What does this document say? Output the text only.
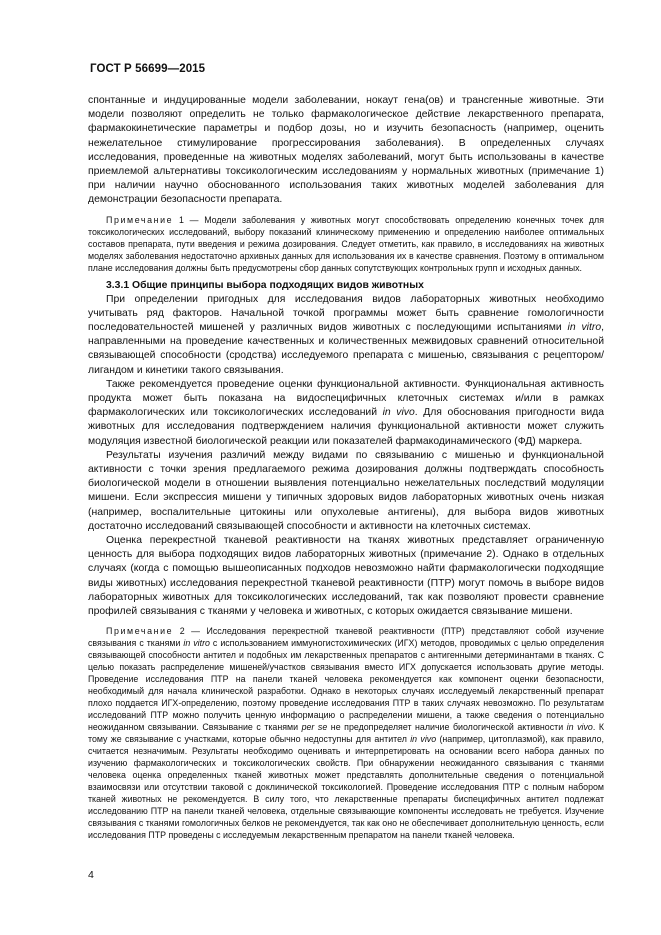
ГОСТ Р 56699—2015

спонтанные и индуцированные модели заболевании, нокаут гена(ов) и трансгенные животные. Эти модели позволяют определить не только фармакологическое действие лекарственного препарата, фармакокинетические параметры и подбор дозы, но и изучить безопасность (например, оценить нежелательное стимулирование прогрессирования заболевания). В определенных случаях исследования, проведенные на животных моделях заболеваний, могут быть использованы в качестве приемлемой альтернативы токсикологическим исследованиям у нормальных животных (примечание 1) при наличии научно обоснованного использования таких животных моделей заболевания для демонстрации безопасности препарата.

Примечание 1 — Модели заболевания у животных могут способствовать определению конечных точек для токсикологических исследований, выбору показаний клиническому применению и определению наиболее оптимальных составов препарата, пути введения и режима дозирования. Следует отметить, как правило, в исследованиях на животных моделях заболевания недостаточно архивных данных для использования их в качестве сравнения. Поэтому в оптимальном плане исследования должны быть предусмотрены сбор данных сопутствующих контрольных групп и исходных данных.

3.3.1 Общие принципы выбора подходящих видов животных

При определении пригодных для исследования видов лабораторных животных необходимо учитывать ряд факторов. Начальной точкой программы может быть сравнение гомологичности последовательностей мишеней у различных видов животных с последующими испытаниями in vitro, направленными на проведение качественных и количественных межвидовых сравнений относительной связывающей способности (сродства) исследуемого препарата с мишенью, связывания с рецептором/лигандом и кинетики такого связывания.

Также рекомендуется проведение оценки функциональной активности. Функциональная активность продукта может быть показана на видоспецифичных клеточных системах и/или в рамках фармакологических или токсикологических исследований in vivo. Для обоснования пригодности вида животных для исследования подтверждением наличия функциональной активности может служить модуляция известной биологической реакции или показателей фармакодинамического (ФД) маркера.

Результаты изучения различий между видами по связыванию с мишенью и функциональной активности с точки зрения предлагаемого режима дозирования должны подтверждать способность биологической модели в отношении выявления потенциально нежелательных последствий модуляции мишени. Если экспрессия мишени у типичных здоровых видов лабораторных животных очень низкая (например, воспалительные цитокины или опухолевые антигены), для выбора видов животных достаточно исследований связывающей способности и активности на клеточных системах.

Оценка перекрестной тканевой реактивности на тканях животных представляет ограниченную ценность для выбора подходящих видов лабораторных животных (примечание 2). Однако в отдельных случаях (когда с помощью вышеописанных подходов невозможно найти фармакологически подходящие виды животных) исследования перекрестной тканевой реактивности (ПТР) могут помочь в выборе видов лабораторных животных для токсикологических исследований, так как позволяют провести сравнение профилей связывания с тканями у человека и животных, с которых ожидается связывание мишени.

Примечание 2 — Исследования перекрестной тканевой реактивности (ПТР) представляют собой изучение связывания с тканями in vitro с использованием иммуногистохимических (ИГХ) методов, проводимых с целью определения связывающей способности антител и подобных им лекарственных препаратов с антигенными детерминантами в тканях. С целью показать распределение мишеней/участков связывания вместо ИГХ допускается использовать другие методы. Проведение исследования ПТР на панели тканей человека рекомендуется как компонент оценки безопасности, необходимый для начала клинической разработки. Однако в некоторых случаях исследуемый лекарственный препарат плохо поддается ИГХ-определению, поэтому проведение исследования ПТР в таких случаях невозможно. По результатам исследований ПТР можно получить ценную информацию о распределении мишени, а также сведения о потенциально неожиданном связывании. Связывание с тканями per se не предопределяет наличие биологической активности in vivo. К тому же связывание с участками, которые обычно недоступны для антител in vivo (например, цитоплазмой), как правило, считается незначимым. Результаты необходимо оценивать и интерпретировать на основании всего набора данных по изучению фармакологических и токсикологических свойств. При обнаружении неожиданного связывания с тканями человека оценка определенных тканей животных может представлять дополнительные сведения о потенциальной взаимосвязи или отсутствии таковой с доклинической токсикологией. Проведение исследования ПТР с полным набором тканей животных не рекомендуется. В силу того, что лекарственные препараты биспецифичных антител подлежат исследованию ПТР на панели тканей человека, отдельные связывающие компоненты исследовать не требуется. Изучение связывания с тканями гомологичных белков не рекомендуется, так как оно не обеспечивает дополнительную ценность, если исследования ПТР проведены с исследуемым лекарственным препаратом на панели тканей человека.

4
